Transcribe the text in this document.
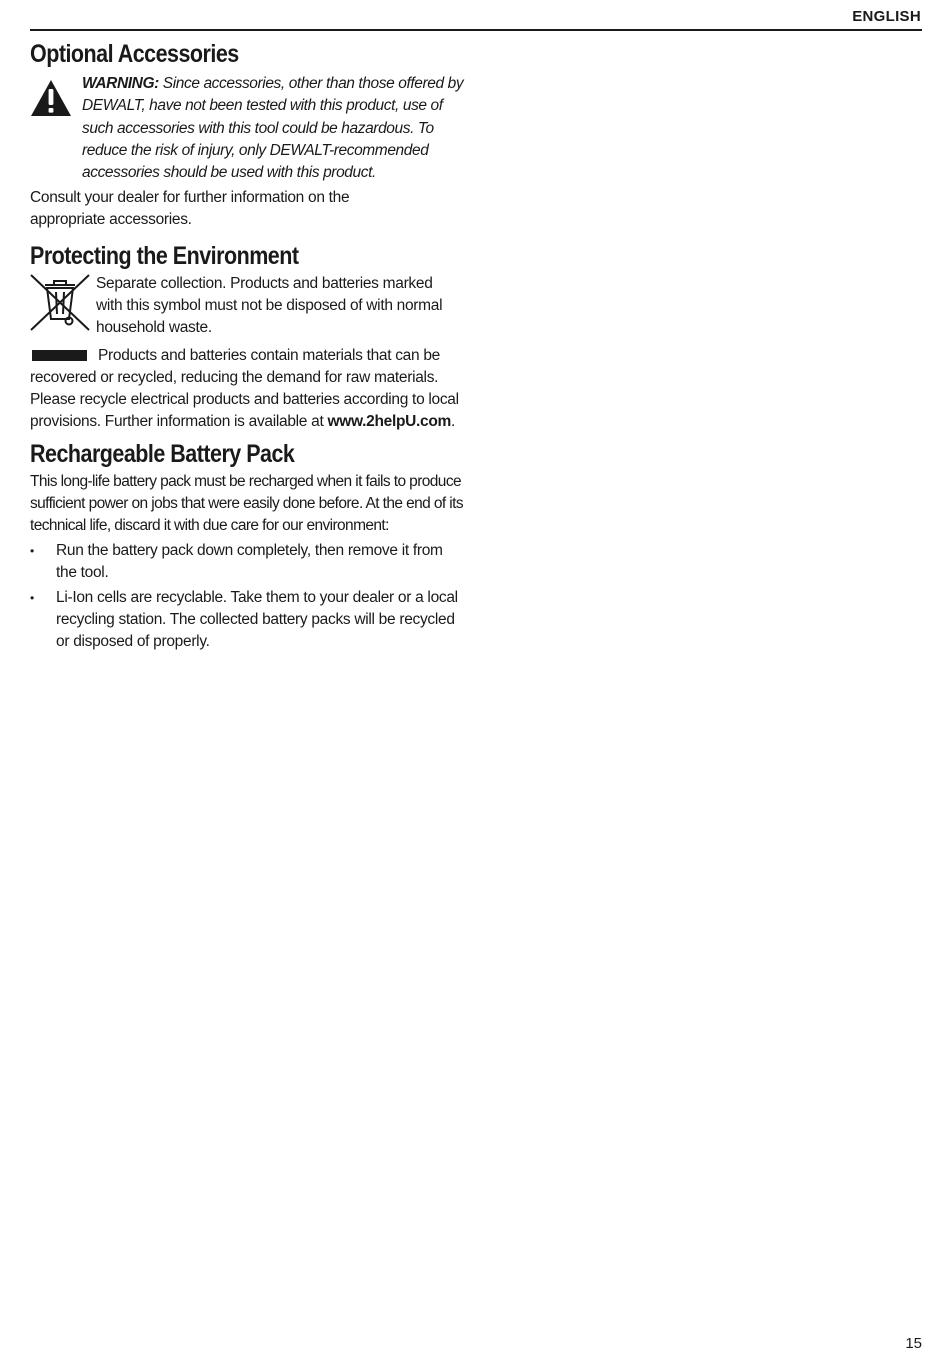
ENGLISH
Optional Accessories

WARNING: Since accessories, other than those offered by DEWALT, have not been tested with this product, use of such accessories with this tool could be hazardous. To reduce the risk of injury, only DEWALT-recommended accessories should be used with this product.

Consult your dealer for further information on the appropriate accessories.

Protecting the Environment

Separate collection. Products and batteries marked with this symbol must not be disposed of with normal household waste.

Products and batteries contain materials that can be recovered or recycled, reducing the demand for raw materials. Please recycle electrical products and batteries according to local provisions. Further information is available at www.2helpU.com.

Rechargeable Battery Pack

This long-life battery pack must be recharged when it fails to produce sufficient power on jobs that were easily done before. At the end of its technical life, discard it with due care for our environment:

• Run the battery pack down completely, then remove it from the tool.
• Li-Ion cells are recyclable. Take them to your dealer or a local recycling station. The collected battery packs will be recycled or disposed of properly.
15
